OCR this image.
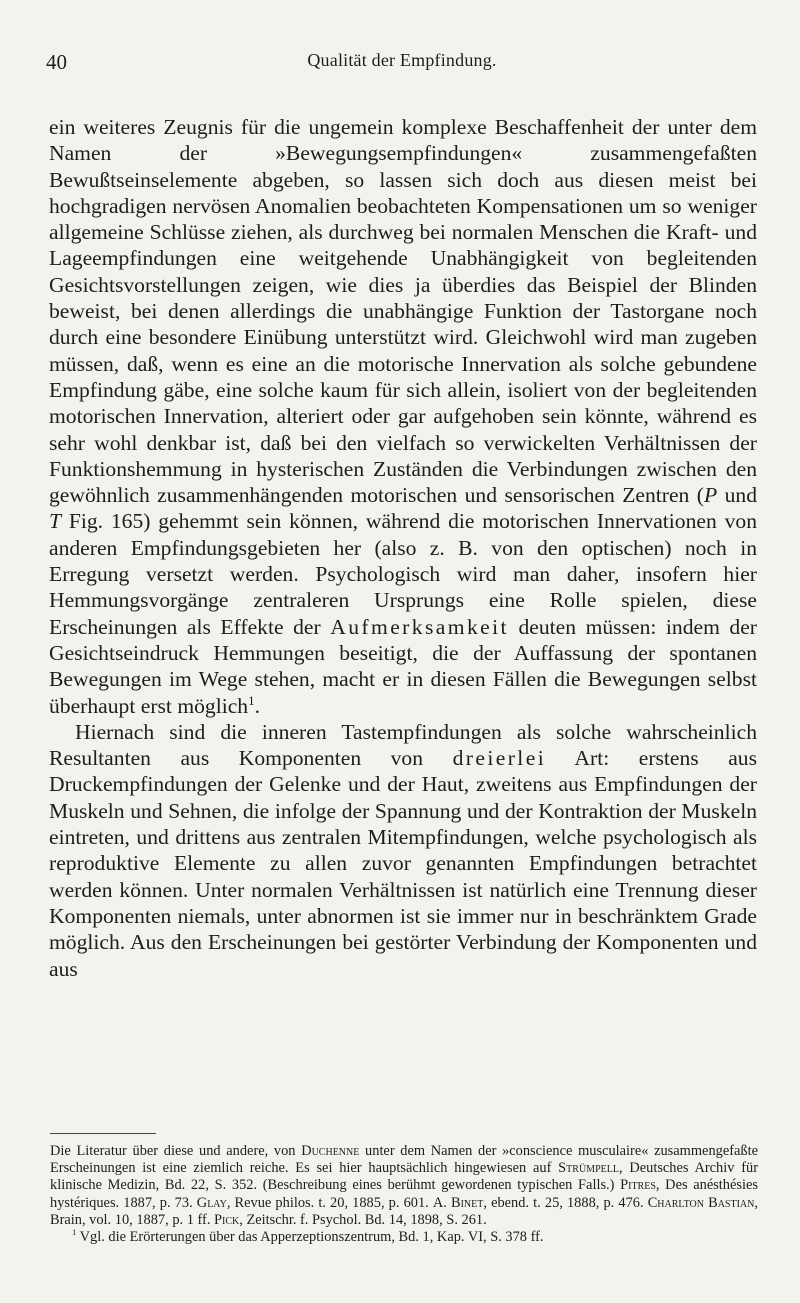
40	Qualität der Empfindung.

ein weiteres Zeugnis für die ungemein komplexe Beschaffenheit der unter dem Namen der »Bewegungsempfindungen« zusammengefaßten Bewußtseinselemente abgeben, so lassen sich doch aus diesen meist bei hochgradigen nervösen Anomalien beobachteten Kompensationen um so weniger allgemeine Schlüsse ziehen, als durchweg bei normalen Menschen die Kraft- und Lageempfindungen eine weitgehende Unabhängigkeit von begleitenden Gesichtsvorstellungen zeigen, wie dies ja überdies das Beispiel der Blinden beweist, bei denen allerdings die unabhängige Funktion der Tastorgane noch durch eine besondere Einübung unterstützt wird. Gleichwohl wird man zugeben müssen, daß, wenn es eine an die motorische Innervation als solche gebundene Empfindung gäbe, eine solche kaum für sich allein, isoliert von der begleitenden motorischen Innervation, alteriert oder gar aufgehoben sein könnte, während es sehr wohl denkbar ist, daß bei den vielfach so verwickelten Verhältnissen der Funktionshemmung in hysterischen Zuständen die Verbindungen zwischen den gewöhnlich zusammenhängenden motorischen und sensorischen Zentren (P und T Fig. 165) gehemmt sein können, während die motorischen Innervationen von anderen Empfindungsgebieten her (also z. B. von den optischen) noch in Erregung versetzt werden. Psychologisch wird man daher, insofern hier Hemmungsvorgänge zentraleren Ursprungs eine Rolle spielen, diese Erscheinungen als Effekte der Aufmerksamkeit deuten müssen: indem der Gesichtseindruck Hemmungen beseitigt, die der Auffassung der spontanen Bewegungen im Wege stehen, macht er in diesen Fällen die Bewegungen selbst überhaupt erst möglich$^1$.

Hiernach sind die inneren Tastempfindungen als solche wahrscheinlich Resultanten aus Komponenten von dreierlei Art: erstens aus Druckempfindungen der Gelenke und der Haut, zweitens aus Empfindungen der Muskeln und Sehnen, die infolge der Spannung und der Kontraktion der Muskeln eintreten, und drittens aus zentralen Mitempfindungen, welche psychologisch als reproduktive Elemente zu allen zuvor genannten Empfindungen betrachtet werden können. Unter normalen Verhältnissen ist natürlich eine Trennung dieser Komponenten niemals, unter abnormen ist sie immer nur in beschränktem Grade möglich. Aus den Erscheinungen bei gestörter Verbindung der Komponenten und aus

Die Literatur über diese und andere, von Duchenne unter dem Namen der »conscience musculaire« zusammengefaßte Erscheinungen ist eine ziemlich reiche. Es sei hier hauptsächlich hingewiesen auf Strümpell, Deutsches Archiv für klinische Medizin, Bd. 22, S. 352. (Beschreibung eines berühmt gewordenen typischen Falls.) Pitres, Des anésthésies hystériques. 1887, p. 73. Glay, Revue philos. t. 20, 1885, p. 601. A. Binet, ebend. t. 25, 1888, p. 476. Charlton Bastian, Brain, vol. 10, 1887, p. 1 ff. Pick, Zeitschr. f. Psychol. Bd. 14, 1898, S. 261.

$^1$ Vgl. die Erörterungen über das Apperzeptionszentrum, Bd. 1, Kap. VI, S. 378 ff.
